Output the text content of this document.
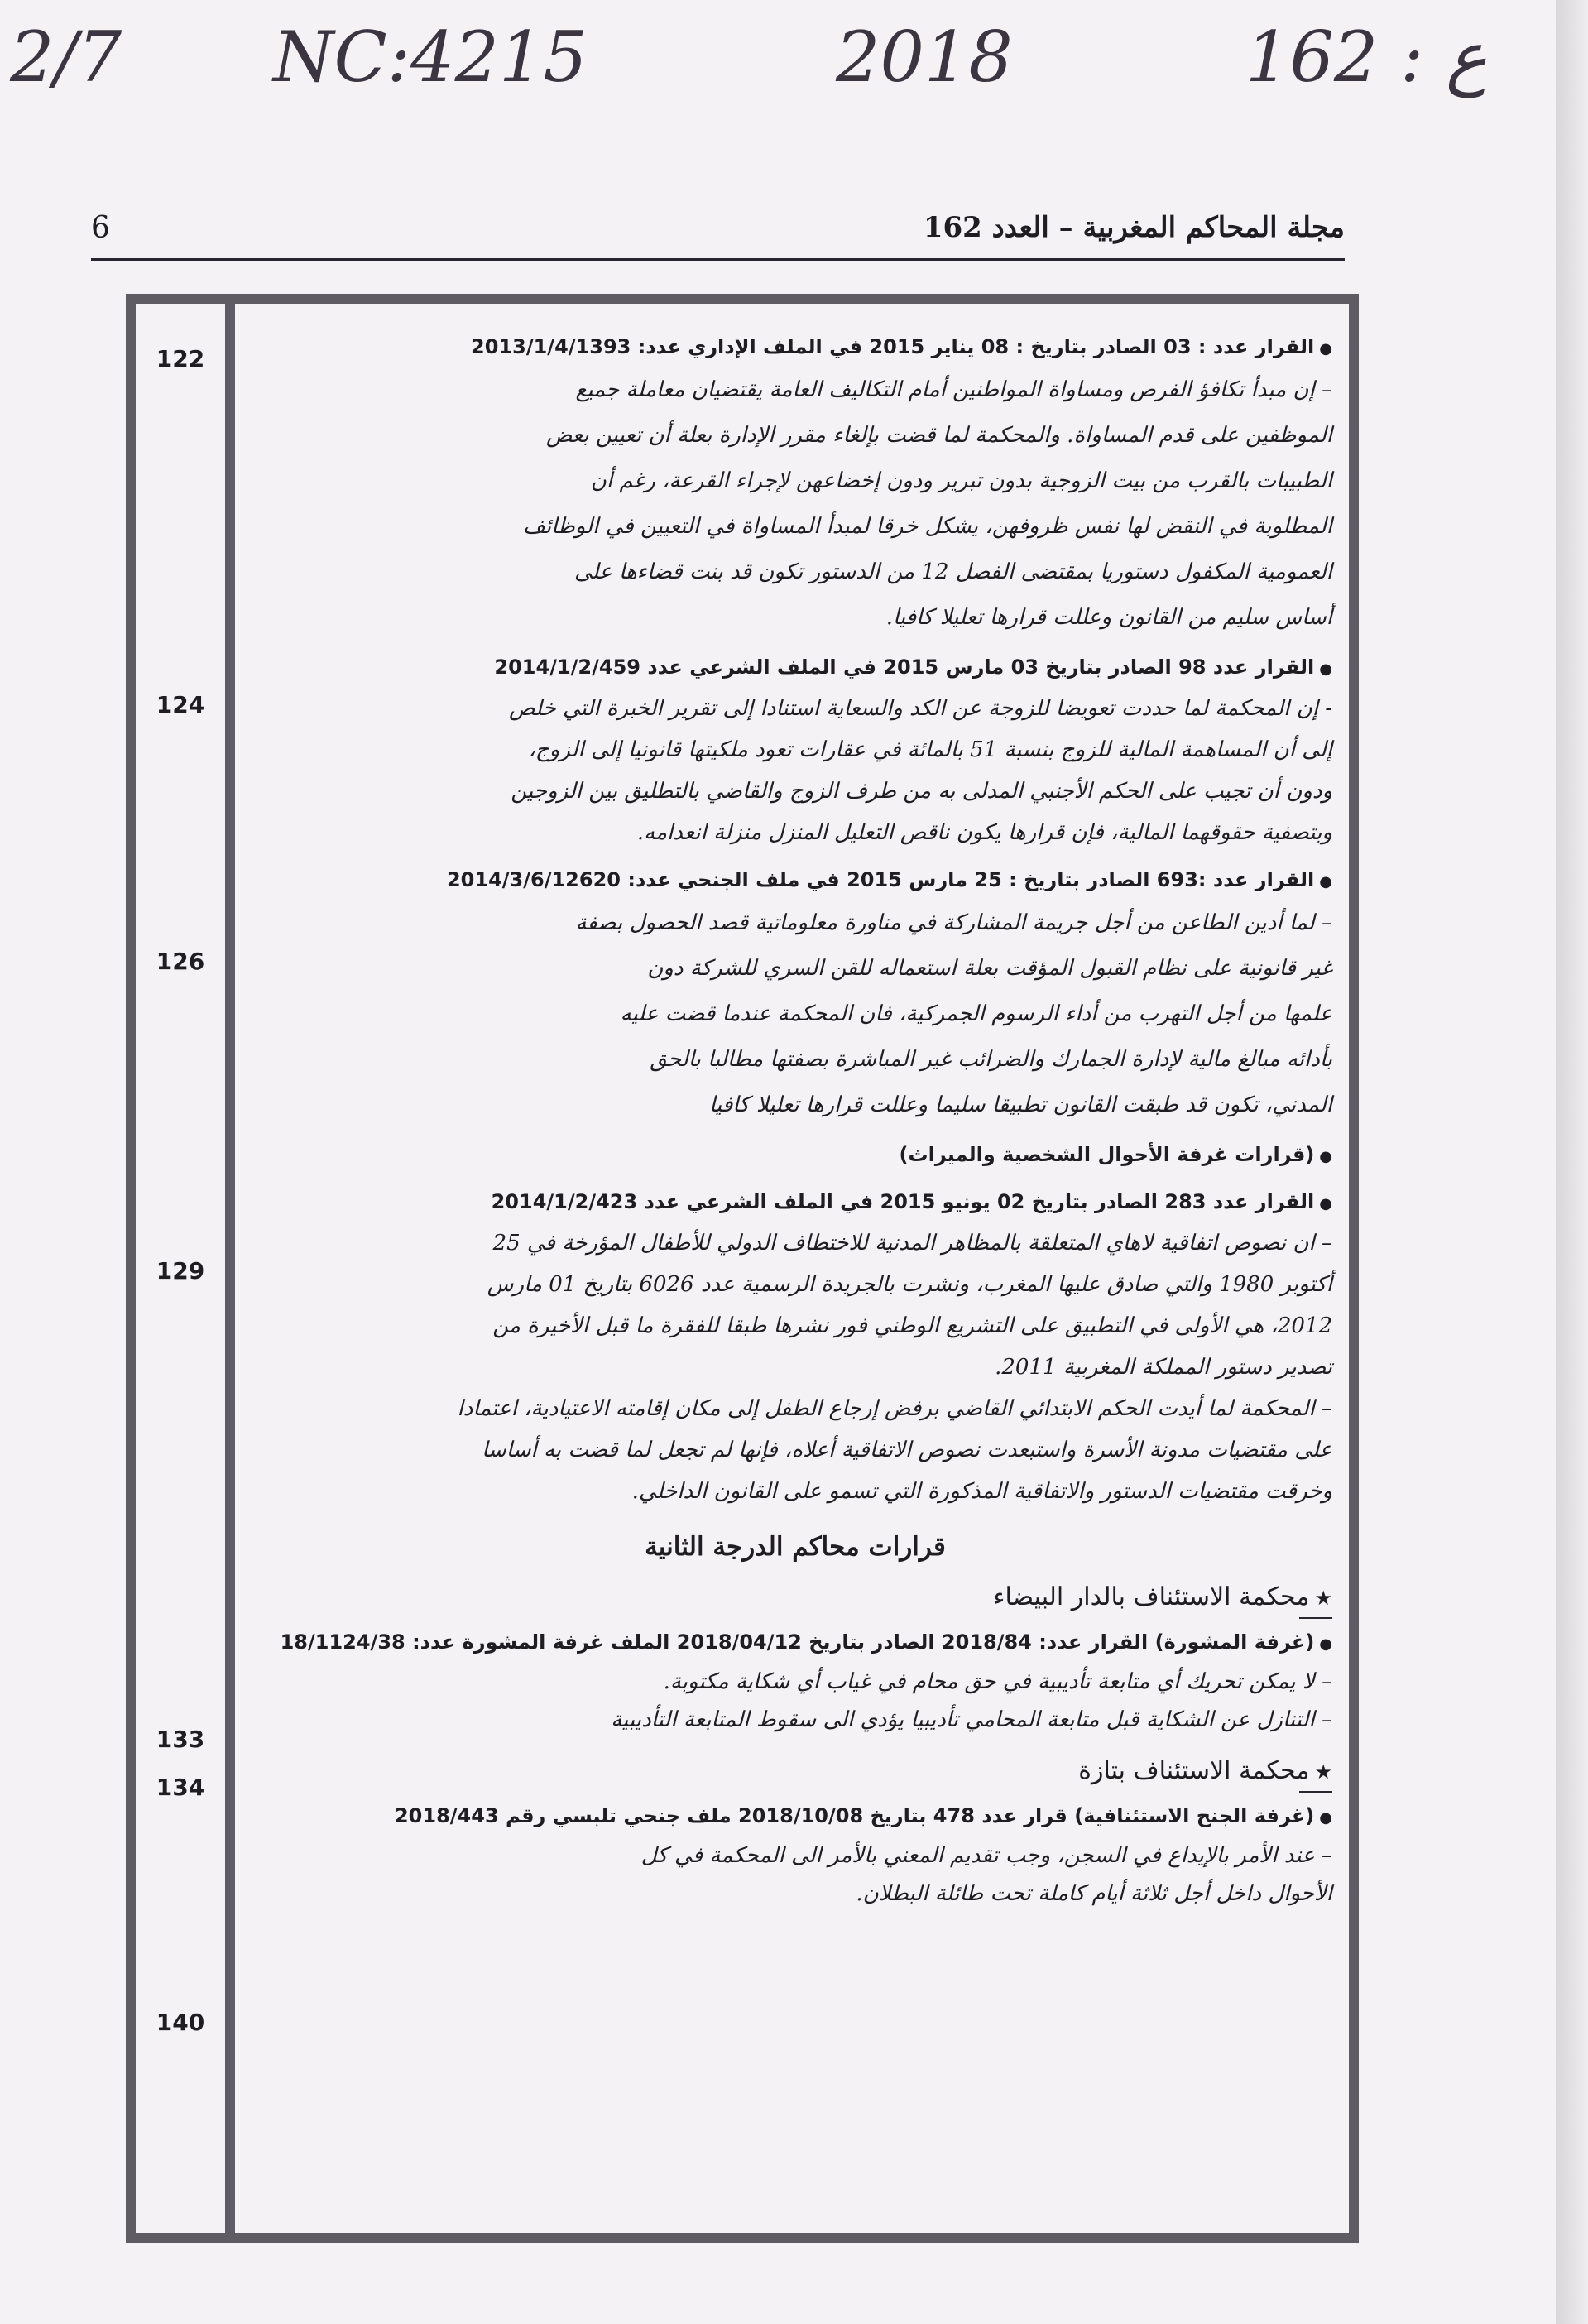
2/7 NC:4215	2018	162 : ع
مجلة المحاكم المغربية – العدد 162
6
122
124
126
129
133
134
140
●القرار عدد : 03 الصادر بتاريخ : 08 يناير 2015 في الملف الإداري عدد: 2013/1/4/1393
– إن مبدأ تكافؤ الفرص ومساواة المواطنين أمام التكاليف العامة يقتضيان معاملة جميع
الموظفين على قدم المساواة. والمحكمة لما قضت بإلغاء مقرر الإدارة بعلة أن تعيين بعض
الطبيبات بالقرب من بيت الزوجية بدون تبرير ودون إخضاعهن لإجراء القرعة، رغم أن
المطلوبة في النقض لها نفس ظروفهن، يشكل خرقا لمبدأ المساواة في التعيين في الوظائف
العمومية المكفول دستوريا بمقتضى الفصل 12 من الدستور تكون قد بنت قضاءها على
أساس سليم من القانون وعللت قرارها تعليلا كافيا.
●القرار عدد 98 الصادر بتاريخ 03 مارس 2015 في الملف الشرعي عدد 2014/1/2/459
- إن المحكمة لما حددت تعويضا للزوجة عن الكد والسعاية استنادا إلى تقرير الخبرة التي خلص
إلى أن المساهمة المالية للزوج بنسبة 51 بالمائة في عقارات تعود ملكيتها قانونيا إلى الزوج،
ودون أن تجيب على الحكم الأجنبي المدلى به من طرف الزوج والقاضي بالتطليق بين الزوجين
وبتصفية حقوقهما المالية، فإن قرارها يكون ناقص التعليل المنزل منزلة انعدامه.
●القرار عدد :693 الصادر بتاريخ : 25 مارس 2015 في ملف الجنحي عدد: 2014/3/6/12620
– لما أدين الطاعن من أجل جريمة المشاركة في مناورة معلوماتية قصد الحصول بصفة
غير قانونية على نظام القبول المؤقت بعلة استعماله للقن السري للشركة دون
علمها من أجل التهرب من أداء الرسوم الجمركية، فان المحكمة عندما قضت عليه
بأدائه مبالغ مالية لإدارة الجمارك والضرائب غير المباشرة بصفتها مطالبا بالحق
المدني، تكون قد طبقت القانون تطبيقا سليما وعللت قرارها تعليلا كافيا
●(قرارات غرفة الأحوال الشخصية والميراث)
●القرار عدد 283 الصادر بتاريخ 02 يونيو 2015 في الملف الشرعي عدد 2014/1/2/423
– ان نصوص اتفاقية لاهاي المتعلقة بالمظاهر المدنية للاختطاف الدولي للأطفال المؤرخة في 25
أكتوبر 1980 والتي صادق عليها المغرب، ونشرت بالجريدة الرسمية عدد 6026 بتاريخ 01 مارس
2012، هي الأولى في التطبيق على التشريع الوطني فور نشرها طبقا للفقرة ما قبل الأخيرة من
تصدير دستور المملكة المغربية 2011.
– المحكمة لما أيدت الحكم الابتدائي القاضي برفض إرجاع الطفل إلى مكان إقامته الاعتيادية، اعتمادا
على مقتضيات مدونة الأسرة واستبعدت نصوص الاتفاقية أعلاه، فإنها لم تجعل لما قضت به أساسا
وخرقت مقتضيات الدستور والاتفاقية المذكورة التي تسمو على القانون الداخلي.
قرارات محاكم الدرجة الثانية
★محكمة الاستئناف بالدار البيضاء
●(غرفة المشورة) القرار عدد: 2018/84 الصادر بتاريخ 2018/04/12 الملف غرفة المشورة عدد: 18/1124/38
– لا يمكن تحريك أي متابعة تأديبية في حق محام في غياب أي شكاية مكتوبة.
– التنازل عن الشكاية قبل متابعة المحامي تأديبيا يؤدي الى سقوط المتابعة التأديبية
★محكمة الاستئناف بتازة
●(غرفة الجنح الاستئنافية) قرار عدد 478 بتاريخ 2018/10/08 ملف جنحي تلبسي رقم 2018/443
– عند الأمر بالإيداع في السجن، وجب تقديم المعني بالأمر الى المحكمة في كل
الأحوال داخل أجل ثلاثة أيام كاملة تحت طائلة البطلان.
